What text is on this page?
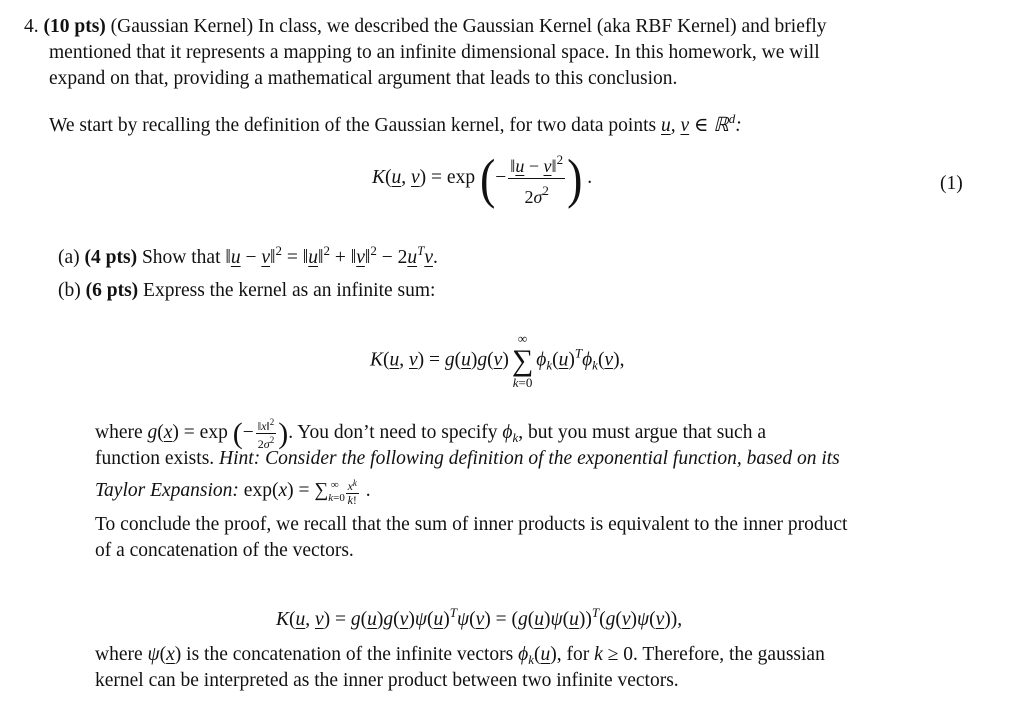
4. (10 pts) (Gaussian Kernel) In class, we described the Gaussian Kernel (aka RBF Kernel) and briefly
mentioned that it represents a mapping to an infinite dimensional space. In this homework, we will
expand on that, providing a mathematical argument that leads to this conclusion.
We start by recalling the definition of the Gaussian kernel, for two data points u, v ∈ ℝ$^d$:
K(u, v) = exp (− $\frac{‖u - v‖^2}{2\sigma^2}$ ) .	(1)
(a) (4 pts) Show that ‖u − v‖$^2$ = ‖u‖$^2$ + ‖v‖$^2$ − $2u^Tv$.
(b) (6 pts) Express the kernel as an infinite sum:
K(u, v) = g(u)g(v)
∞
∑
k=0
$\phi_k(u)^T\phi_k(v)$,
where g(x) = exp (− $\frac{‖x‖^2}{2\sigma^2}$ ). You don’t need to specify $\phi_k$, but you must argue that such a
function exists. Hint: Consider the following definition of the exponential function, based on its
Taylor Expansion: $\exp(x) = \sum_{k=0}^\infty \frac{x^k}{k!}$ .
To conclude the proof, we recall that the sum of inner products is equivalent to the inner product
of a concatenation of the vectors.
K(u, $v) = g(u)g(v)\psi(u)^T\psi(v) = (g(u)\psi(u))^T(g(v)\psi(v))$,
where ψ(x) is the concatenation of the infinite vectors $\phi_k(u)$, for k ≥ 0. Therefore, the gaussian
kernel can be interpreted as the inner product between two infinite vectors.
